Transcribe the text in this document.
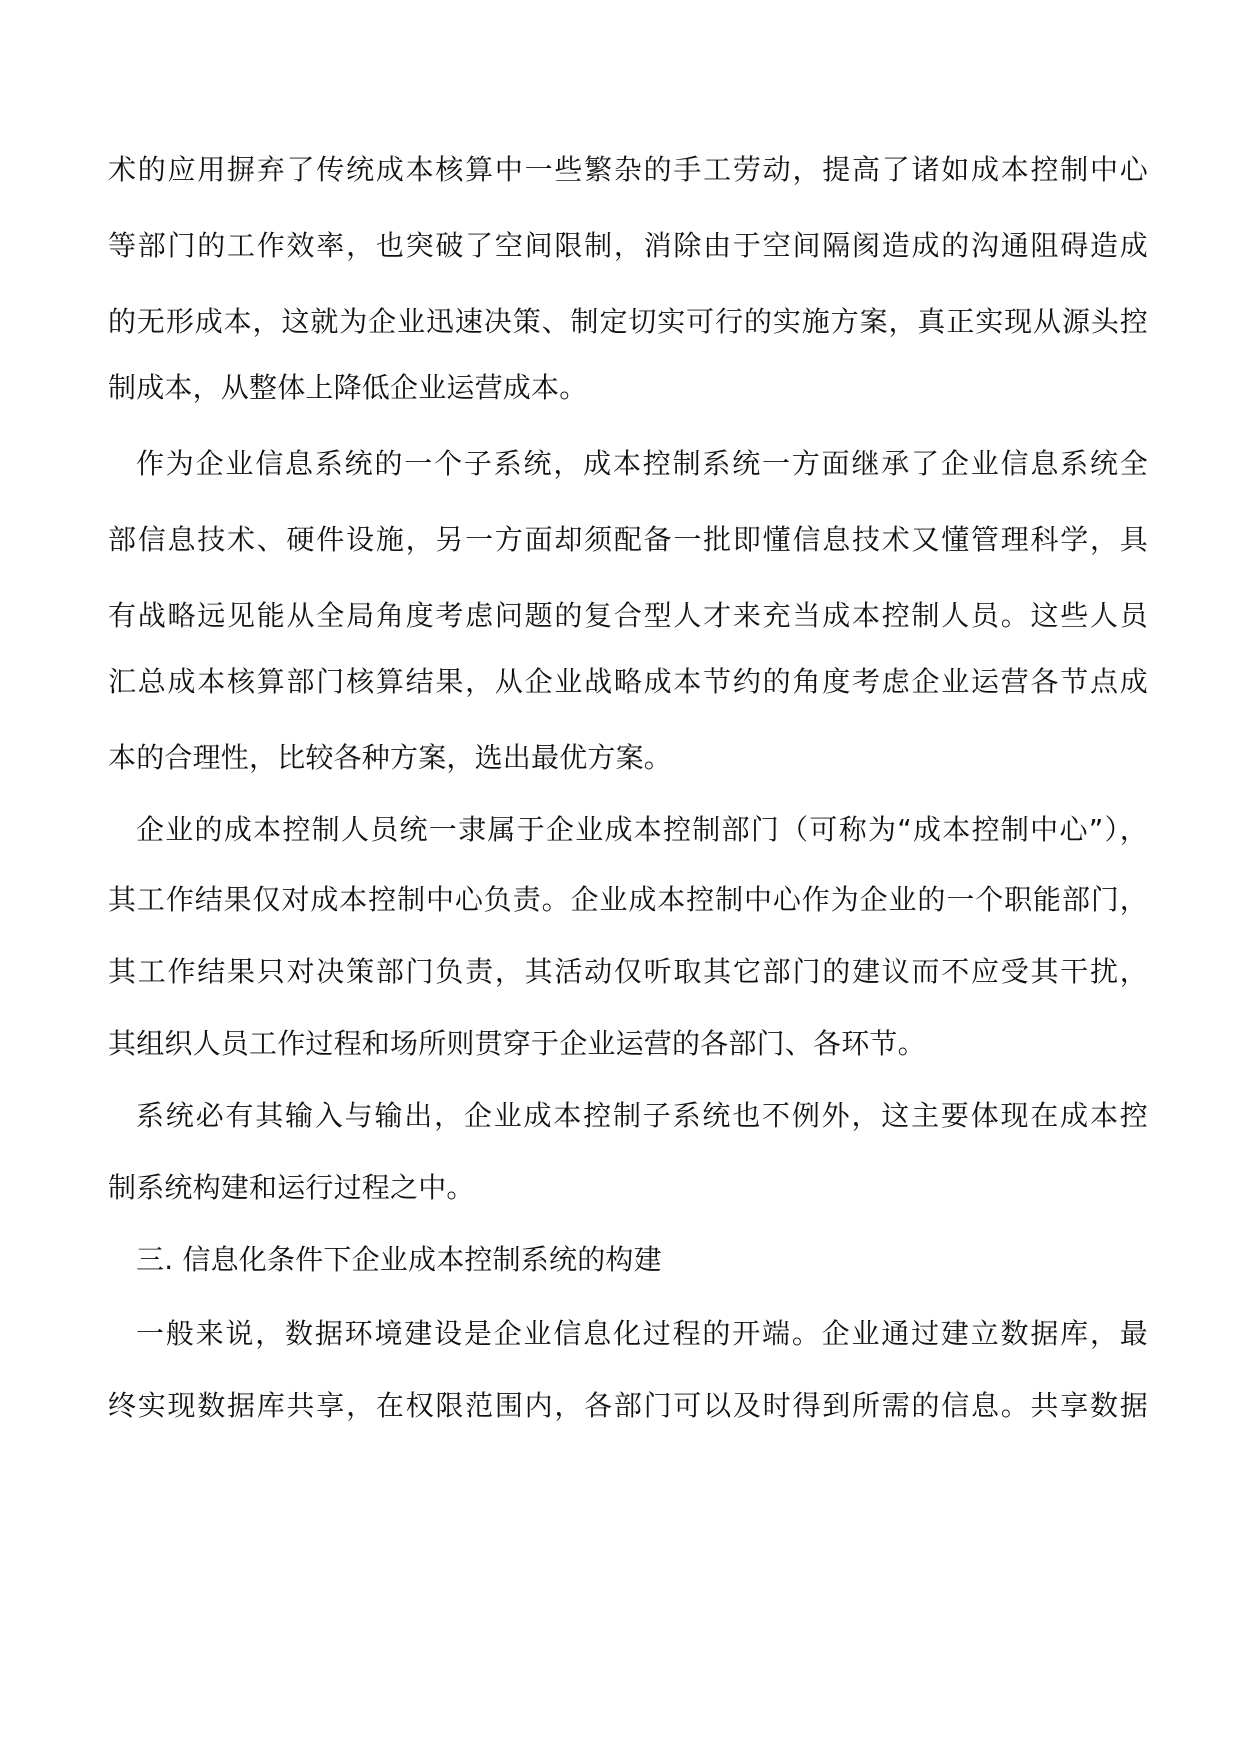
术的应用摒弃了传统成本核算中一些繁杂的手工劳动，提高了诸如成本控制中心
等部门的工作效率，也突破了空间限制，消除由于空间隔阂造成的沟通阻碍造成
的无形成本，这就为企业迅速决策、制定切实可行的实施方案，真正实现从源头控
制成本，从整体上降低企业运营成本。
作为企业信息系统的一个子系统，成本控制系统一方面继承了企业信息系统全
部信息技术、硬件设施，另一方面却须配备一批即懂信息技术又懂管理科学，具
有战略远见能从全局角度考虑问题的复合型人才来充当成本控制人员。这些人员
汇总成本核算部门核算结果，从企业战略成本节约的角度考虑企业运营各节点成
本的合理性，比较各种方案，选出最优方案。
企业的成本控制人员统一隶属于企业成本控制部门（可称为“成本控制中心”），
其工作结果仅对成本控制中心负责。企业成本控制中心作为企业的一个职能部门，
其工作结果只对决策部门负责，其活动仅听取其它部门的建议而不应受其干扰，
其组织人员工作过程和场所则贯穿于企业运营的各部门、各环节。
系统必有其输入与输出，企业成本控制子系统也不例外，这主要体现在成本控
制系统构建和运行过程之中。
三. 信息化条件下企业成本控制系统的构建
一般来说，数据环境建设是企业信息化过程的开端。企业通过建立数据库，最
终实现数据库共享，在权限范围内，各部门可以及时得到所需的信息。共享数据
